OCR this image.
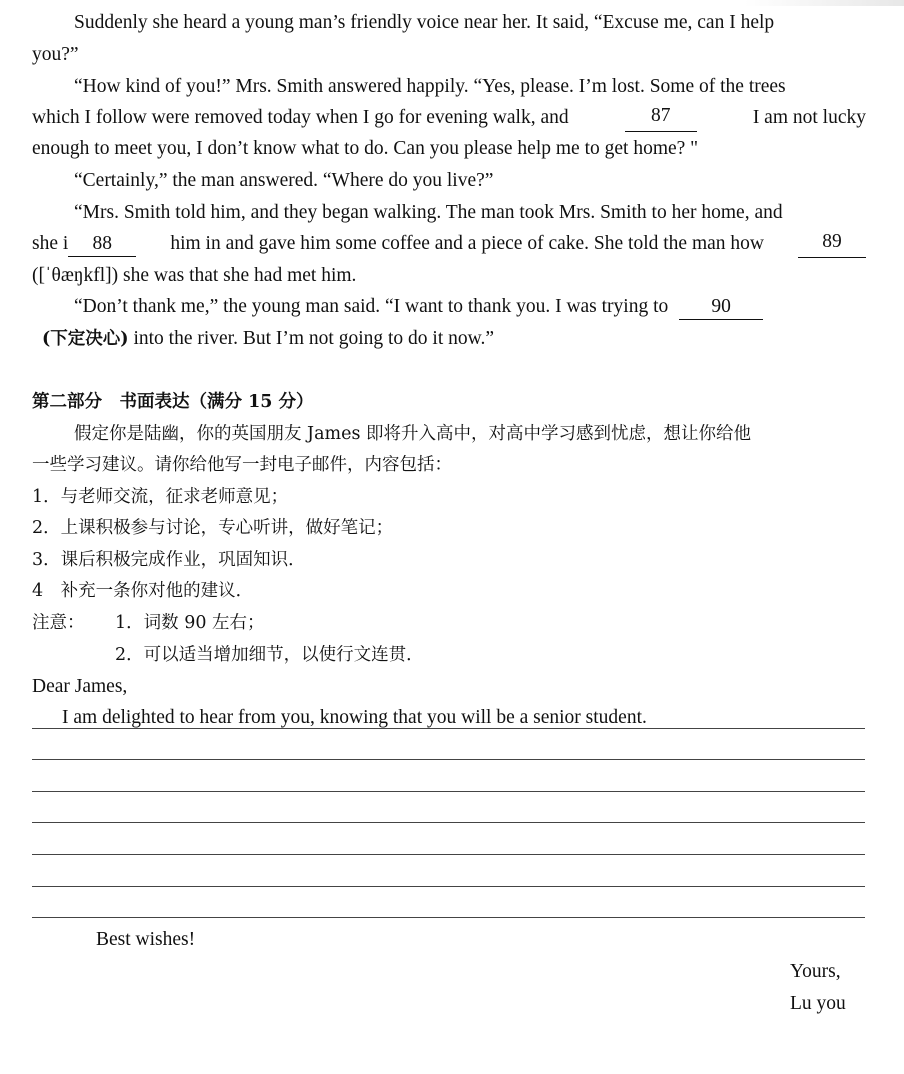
Suddenly she heard a young man’s friendly voice near her. It said, “Excuse me, can I help
you?”
“How kind of you!” Mrs. Smith answered happily. “Yes, please. I’m lost. Some of the trees
which I follow were removed today when I go for evening walk, and	87	I am not lucky
enough to meet you, I don’t know what to do. Can you please help me to get home? "
“Certainly,” the man answered. “Where do you live?”
“Mrs. Smith told him, and they began walking. The man took Mrs. Smith to her home, and
she i 88	him in and gave him some coffee and a piece of cake. She told the man how	89
([ˈθæŋkfl]) she was that she had met him.
“Don’t thank me,” the young man said. “I want to thank you. I was trying to 90
(下定决心) into the river. But I’m not going to do it now.”
第二部分　书面表达（满分 15 分）
假定你是陆幽，你的英国朋友 James 即将升入高中，对高中学习感到忧虑，想让你给他
一些学习建议。请你给他写一封电子邮件，内容包括：
1．与老师交流，征求老师意见；
2．上课积极参与讨论，专心听讲，做好笔记；
3．课后积极完成作业，巩固知识．
4　补充一条你对他的建议．
注意： 1．词数 90 左右；
2．可以适当增加细节，以使行文连贯．
Dear James,
I am delighted to hear from you, knowing that you will be a senior student.
Best wishes!
Yours,
Lu you
